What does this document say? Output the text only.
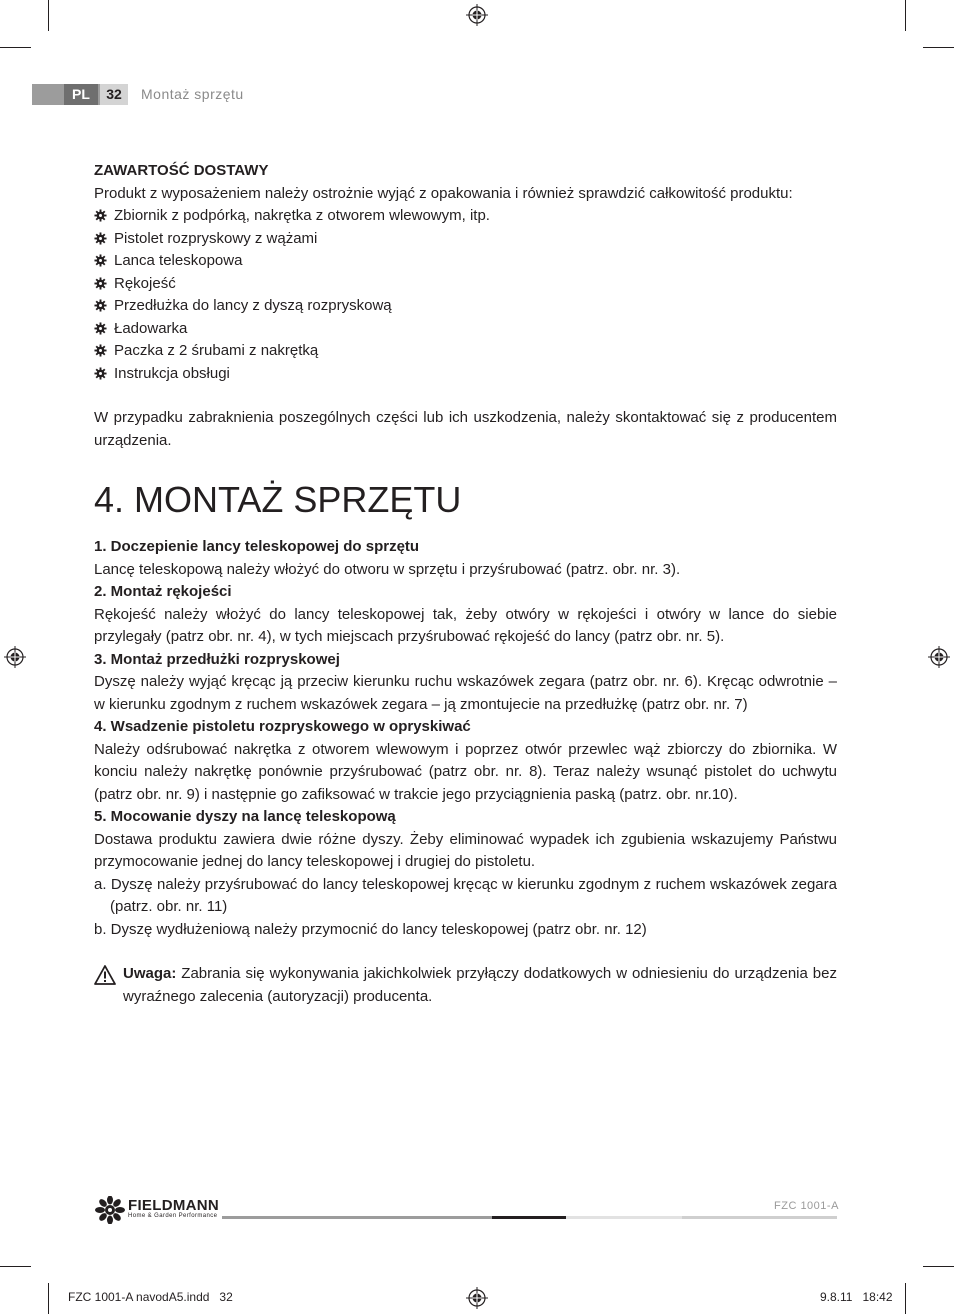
PL	32	Montaż sprzętu
ZAWARTOŚĆ DOSTAWY

Produkt z wyposażeniem należy ostrożnie wyjąć z opakowania i również sprawdzić całkowitość produktu:

Zbiornik z podpórką, nakrętka z otworem wlewowym, itp.
Pistolet rozpryskowy z wążami
Lanca teleskopowa
Rękojeść
Przedłużka do lancy z dyszą rozpryskową
Ładowarka
Paczka z 2 śrubami z nakrętką
Instrukcja obsługi

W przypadku zabraknienia poszególnych części lub ich uszkodzenia, należy skontaktować się z producentem urządzenia.

4. MONTAŻ SPRZĘTU
1. Doczepienie lancy teleskopowej do sprzętu

Lancę teleskopową należy włożyć do otworu w sprzętu i przyśrubować (patrz. obr. nr. 3).

2. Montaż rękojeści

Rękojeść należy włożyć do lancy teleskopowej tak, żeby otwóry w rękojeści i otwóry w lance do siebie przylegały (patrz obr. nr. 4), w tych miejscach przyśrubować rękojeść do lancy (patrz obr. nr. 5).

3. Montaż przedłużki rozpryskowej

Dyszę należy wyjąć kręcąc ją przeciw kierunku ruchu wskazówek zegara (patrz obr. nr. 6). Kręcąc odwrotnie – w kierunku zgodnym z ruchem wskazówek zegara – ją zmontujecie na przedłużkę (patrz obr. nr. 7)

4. Wsadzenie pistoletu rozpryskowego w opryskiwać

Należy odśrubować nakrętka z otworem wlewowym i poprzez otwór przewlec wąż zbiorczy do zbiornika. W konciu należy nakrętkę ponównie przyśrubować (patrz obr. nr. 8). Teraz należy wsunąć pistolet do uchwytu (patrz obr. nr. 9) i następnie go zafiksować w trakcie jego przyciągnienia paską (patrz. obr. nr.10).

5. Mocowanie dyszy na lancę teleskopową

Dostawa produktu zawiera dwie różne dyszy. Żeby eliminować wypadek ich zgubienia wskazujemy Państwu przymocowanie jednej do lancy teleskopowej i drugiej do pistoletu.

a. Dyszę należy przyśrubować do lancy teleskopowej kręcąc w kierunku zgodnym z ruchem wskazówek zegara (patrz. obr. nr. 11)

b. Dyszę wydłużeniową należy przymocnić do lancy teleskopowej (patrz obr. nr. 12)

Uwaga: Zabrania się wykonywania jakichkolwiek przyłączy dodatkowych w odniesieniu do urządzenia bez wyraźnego zalecenia (autoryzacji) producenta.
FIELDMANN
Home & Garden Performance
FZC 1001-A
FZC 1001-A navodA5.indd   32	9.8.11   18:42
